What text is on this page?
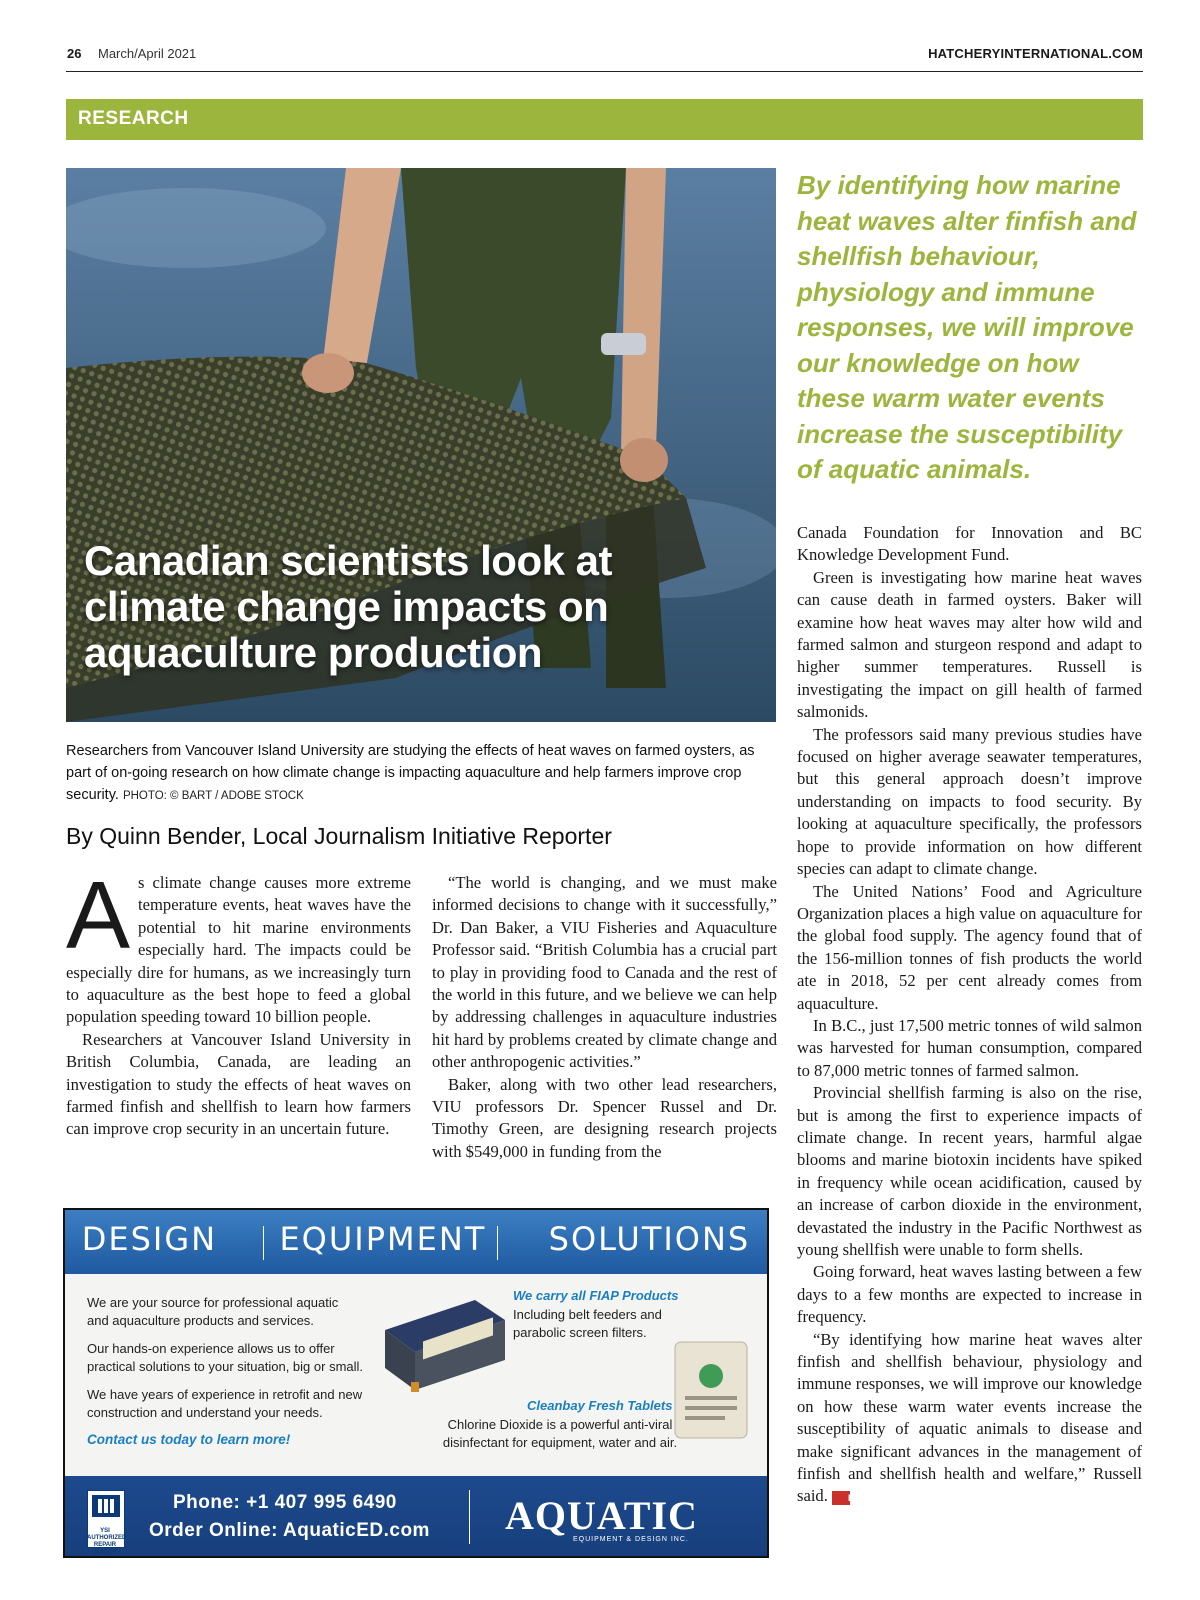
26 March/April 2021	HATCHERYINTERNATIONAL.COM
RESEARCH
Canadian scientists look at climate change impacts on aquaculture production
Researchers from Vancouver Island University are studying the effects of heat waves on farmed oysters, as part of on-going research on how climate change is impacting aquaculture and help farmers improve crop security. PHOTO: © BART / ADOBE STOCK
By Quinn Bender, Local Journalism Initiative Reporter
By identifying how marine heat waves alter finfish and shellfish behaviour, physiology and immune responses, we will improve our knowledge on how these warm water events increase the susceptibility of aquatic animals.
A s climate change causes more extreme temperature events, heat waves have the potential to hit marine environments especially hard. The impacts could be especially dire for humans, as we increasingly turn to aquaculture as the best hope to feed a global population speeding toward 10 billion people.

Researchers at Vancouver Island University in British Columbia, Canada, are leading an investigation to study the effects of heat waves on farmed finfish and shellfish to learn how farmers can improve crop security in an uncertain future.

“The world is changing, and we must make informed decisions to change with it successfully,” Dr. Dan Baker, a VIU Fisheries and Aquaculture Professor said. “British Columbia has a crucial part to play in providing food to Canada and the rest of the world in this future, and we believe we can help by addressing challenges in aquaculture industries hit hard by problems created by climate change and other anthropogenic activities.”

Baker, along with two other lead researchers, VIU professors Dr. Spencer Russel and Dr. Timothy Green, are designing research projects with $549,000 in funding from the

Canada Foundation for Innovation and BC Knowledge Development Fund.

Green is investigating how marine heat waves can cause death in farmed oysters. Baker will examine how heat waves may alter how wild and farmed salmon and sturgeon respond and adapt to higher summer temperatures. Russell is investigating the impact on gill health of farmed salmonids.

The professors said many previous studies have focused on higher average seawater temperatures, but this general approach doesn’t improve understanding on impacts to food security. By looking at aquaculture specifically, the professors hope to provide information on how different species can adapt to climate change.

The United Nations’ Food and Agriculture Organization places a high value on aquaculture for the global food supply. The agency found that of the 156-million tonnes of fish products the world ate in 2018, 52 per cent already comes from aquaculture.

In B.C., just 17,500 metric tonnes of wild salmon was harvested for human consumption, compared to 87,000 metric tonnes of farmed salmon.

Provincial shellfish farming is also on the rise, but is among the first to experience impacts of climate change. In recent years, harmful algae blooms and marine biotoxin incidents have spiked in frequency while ocean acidification, caused by an increase of carbon dioxide in the environment, devastated the industry in the Pacific Northwest as young shellfish were unable to form shells.

Going forward, heat waves lasting between a few days to a few months are expected to increase in frequency.

“By identifying how marine heat waves alter finfish and shellfish behaviour, physiology and immune responses, we will improve our knowledge on how these warm water events increase the susceptibility of aquatic animals to disease and make significant advances in the management of finfish and shellfish health and welfare,” Russell said. HI

DESIGN EQUIPMENT SOLUTIONS
We are your source for professional aquatic and aquaculture products and services.
Our hands-on experience allows us to offer practical solutions to your situation, big or small.
We have years of experience in retrofit and new construction and understand your needs.
Contact us today to learn more!
We carry all FIAP Products
Including belt feeders and parabolic screen filters.
Cleanbay Fresh Tablets
Chlorine Dioxide is a powerful anti-viral disinfectant for equipment, water and air.
YSI AUTHORIZED REPAIR CENTER
Phone: +1 407 995 6490
Order Online: AquaticED.com AQUATIC
EQUIPMENT & DESIGN INC.
